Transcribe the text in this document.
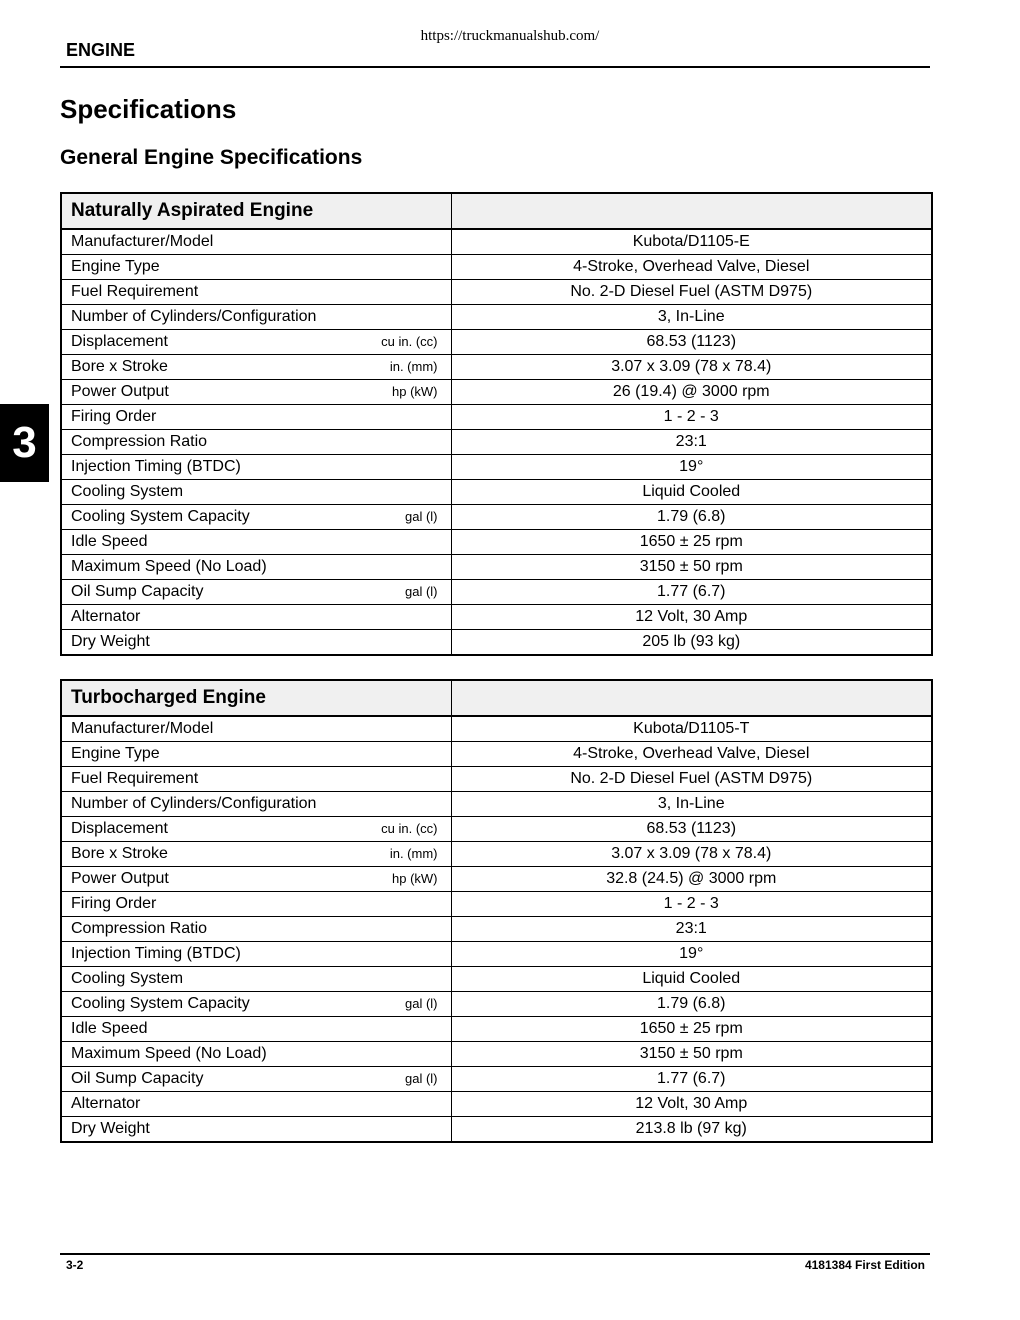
https://truckmanualshub.com/
ENGINE
Specifications
General Engine Specifications
3
Naturally Aspirated Engine	

Manufacturer/Model	Kubota/D1105-E

Engine Type	4-Stroke, Overhead Valve, Diesel

Fuel Requirement	No. 2-D Diesel Fuel (ASTM D975)

Number of Cylinders/Configuration	3, In-Line

Displacement cu in. (cc)	68.53 (1123)

Bore x Stroke in. (mm)	3.07 x 3.09 (78 x 78.4)

Power Output hp (kW)	26 (19.4) @ 3000 rpm

Firing Order	1 - 2 - 3

Compression Ratio	23:1

Injection Timing (BTDC)	19°

Cooling System	Liquid Cooled

Cooling System Capacity gal (l)	1.79 (6.8)

Idle Speed	1650 ± 25 rpm

Maximum Speed (No Load)	3150 ± 50 rpm

Oil Sump Capacity gal (l)	1.77 (6.7)

Alternator	12 Volt, 30 Amp

Dry Weight	205 lb (93 kg)
Turbocharged Engine	

Manufacturer/Model	Kubota/D1105-T

Engine Type	4-Stroke, Overhead Valve, Diesel

Fuel Requirement	No. 2-D Diesel Fuel (ASTM D975)

Number of Cylinders/Configuration	3, In-Line

Displacement cu in. (cc)	68.53 (1123)

Bore x Stroke in. (mm)	3.07 x 3.09 (78 x 78.4)

Power Output hp (kW)	32.8 (24.5) @ 3000 rpm

Firing Order	1 - 2 - 3

Compression Ratio	23:1

Injection Timing (BTDC)	19°

Cooling System	Liquid Cooled

Cooling System Capacity gal (l)	1.79 (6.8)

Idle Speed	1650 ± 25 rpm

Maximum Speed (No Load)	3150 ± 50 rpm

Oil Sump Capacity gal (l)	1.77 (6.7)

Alternator	12 Volt, 30 Amp

Dry Weight	213.8 lb (97 kg)
3-2	4181384 First Edition
